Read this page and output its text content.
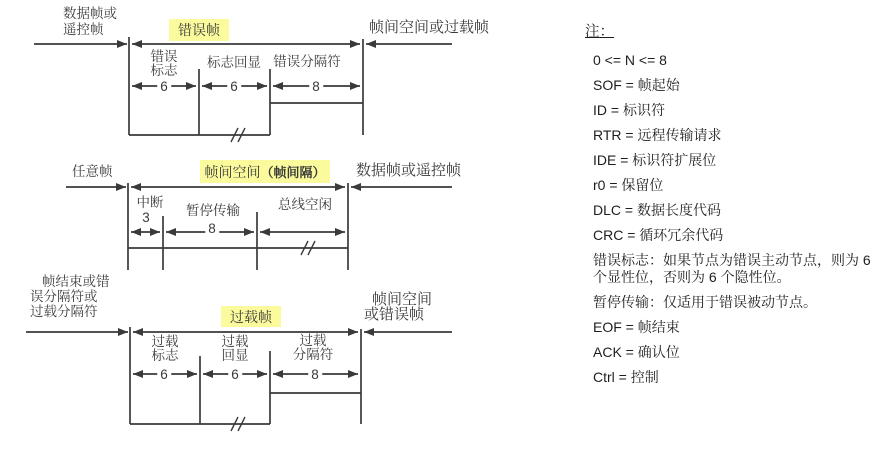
数据帧或
遥控帧	错误帧	帧间空间或过载帧
错误
标志
标志回显 错误分隔符
6	6	8
任意帧	帧间空间 （帧间隔） 数据帧或遥控帧
中断
3	暂停传输
8
总线空闲
帧结束或错
误分隔符或
过载分隔符	过载帧
帧间空间
或错误帧
过载
标志
过载
回显
过载
分隔符
6	6	8
注：
0 <= N <= 8
SOF = 帧起始
ID = 标识符
RTR = 远程传输请求
IDE = 标识符扩展位
r0 = 保留位
DLC = 数据长度代码
CRC = 循环冗余代码
错误标志：如果节点为错误主动节点，则为 6 个显性位，否则为 6 个隐性位。
暂停传输：仅适用于错误被动节点。
EOF = 帧结束
ACK = 确认位
Ctrl = 控制
